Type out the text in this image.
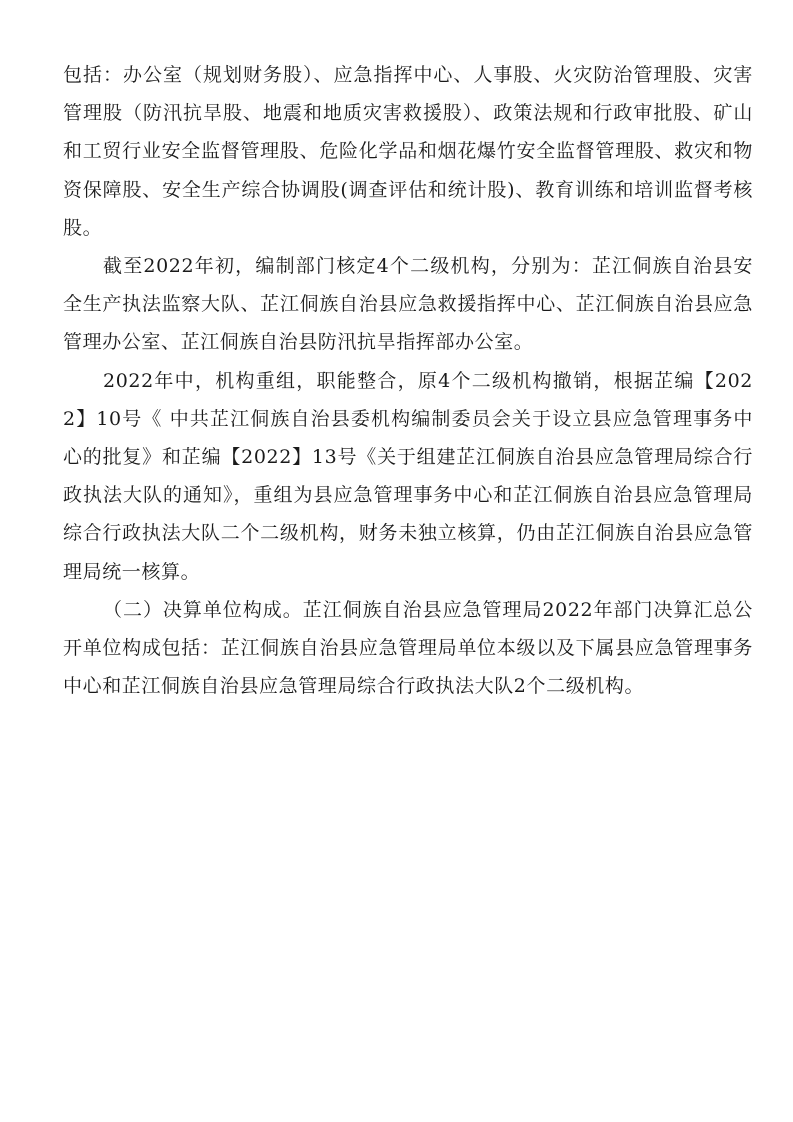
包括：办公室（规划财务股）、应急指挥中心、人事股、火灾防治管理股、灾害管理股（防汛抗旱股、地震和地质灾害救援股）、政策法规和行政审批股、矿山和工贸行业安全监督管理股、危险化学品和烟花爆竹安全监督管理股、救灾和物资保障股、安全生产综合协调股(调查评估和统计股)、教育训练和培训监督考核股。

截至2022年初，编制部门核定4个二级机构，分别为：芷江侗族自治县安全生产执法监察大队、芷江侗族自治县应急救援指挥中心、芷江侗族自治县应急管理办公室、芷江侗族自治县防汛抗旱指挥部办公室。

2022年中，机构重组，职能整合，原4个二级机构撤销，根据芷编【2022】10号《 中共芷江侗族自治县委机构编制委员会关于设立县应急管理事务中心的批复》和芷编【2022】13号《关于组建芷江侗族自治县应急管理局综合行政执法大队的通知》，重组为县应急管理事务中心和芷江侗族自治县应急管理局综合行政执法大队二个二级机构，财务未独立核算，仍由芷江侗族自治县应急管理局统一核算。

（二）决算单位构成。芷江侗族自治县应急管理局2022年部门决算汇总公开单位构成包括：芷江侗族自治县应急管理局单位本级以及下属县应急管理事务中心和芷江侗族自治县应急管理局综合行政执法大队2个二级机构。
